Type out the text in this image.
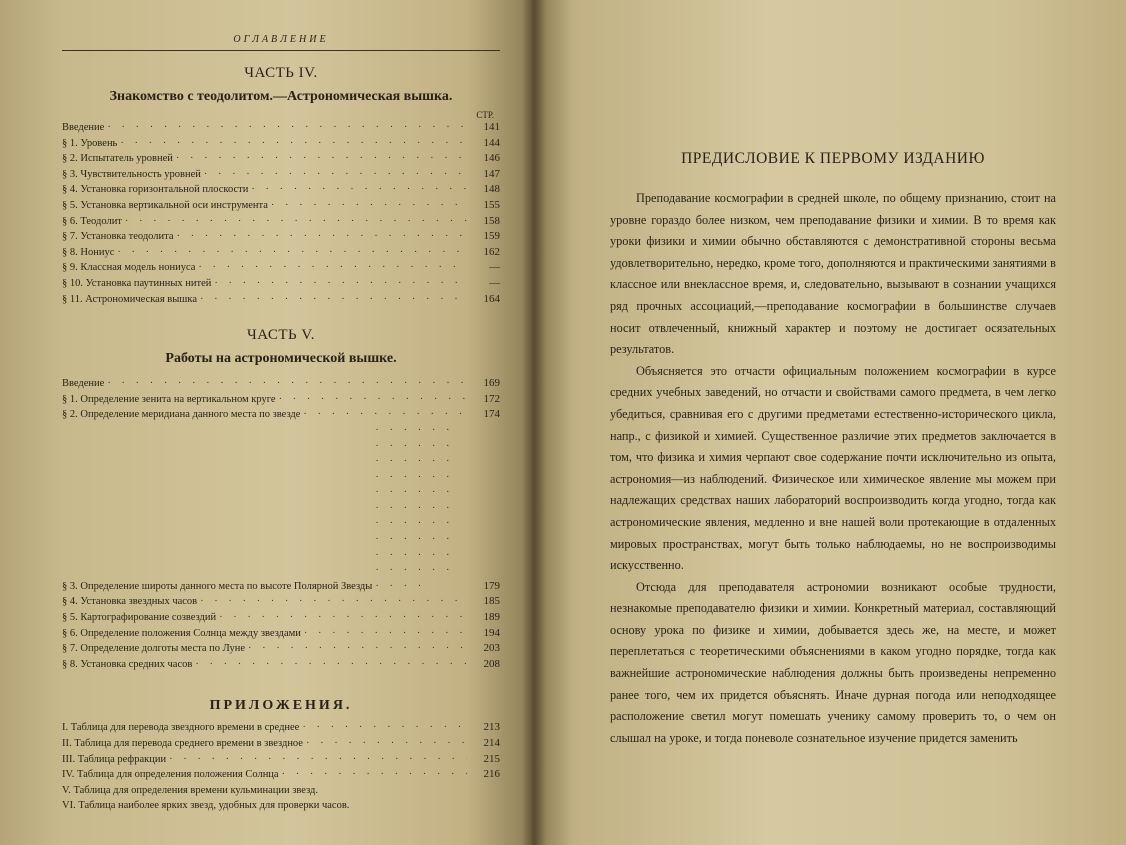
ОГЛАВЛЕНИЕ
ЧАСТЬ IV.
Знакомство с теодолитом.—Астрономическая вышка.
СТР.
Введение · · ·	141
§ 1. Уровень · · ·	144
§ 2. Испытатель уровней · · ·	146
§ 3. Чувствительность уровней · · ·	147
§ 4. Установка горизонтальной плоскости · · ·	148
§ 5. Установка вертикальной оси инструмента · · ·	155
§ 6. Теодолит · · ·	158
§ 7. Установка теодолита · · ·	159
§ 8. Нониус · · ·	162
§ 9. Классная модель нониуса · · ·	—
§ 10. Установка паутинных нитей · · ·	—
§ 11. Астрономическая вышка · · ·	164
ЧАСТЬ V.
Работы на астрономической вышке.
Введение · · ·	169
§ 1. Определение зенита на вертикальном круге · · ·	172
§ 2. Определение меридиана данного места по звезде · · ·	174
§ 3. Определение широты данного места по высоте Полярной Звезды · · ·	179
§ 4. Установка звездных часов · · ·	185
§ 5. Картографирование созвездий · · ·	189
§ 6. Определение положения Солнца между звездами · · ·	194
§ 7. Определение долготы места по Луне · · ·	203
§ 8. Установка средних часов · · ·	208
ПРИЛОЖЕНИЯ.
I. Таблица для перевода звездного времени в среднее · · ·	213
II. Таблица для перевода среднего времени в звездное · · ·	214
III. Таблица рефракции · · ·	215
IV. Таблица для определения положения Солнца · · ·	216
V. Таблица для определения времени кульминации звезд.
VI. Таблица наиболее ярких звезд, удобных для проверки часов.
ПРЕДИСЛОВИЕ К ПЕРВОМУ ИЗДАНИЮ

Преподавание космографии в средней школе, по общему признанию, стоит на уровне гораздо более низком, чем преподавание физики и химии. В то время как уроки физики и химии обычно обставляются с демонстративной стороны весьма удовлетворительно, нередко, кроме того, дополняются и практическими занятиями в классное или внеклассное время, и, следовательно, вызывают в сознании учащихся ряд прочных ассоциаций,—преподавание космографии в большинстве случаев носит отвлеченный, книжный характер и поэтому не достигает осязательных результатов.

Объясняется это отчасти официальным положением космографии в курсе средних учебных заведений, но отчасти и свойствами самого предмета, в чем легко убедиться, сравнивая его с другими предметами естественно-исторического цикла, напр., с физикой и химией. Существенное различие этих предметов заключается в том, что физика и химия черпают свое содержание почти исключительно из опыта, астрономия—из наблюдений. Физическое или химическое явление мы можем при надлежащих средствах наших лабораторий воспроизводить когда угодно, тогда как астрономические явления, медленно и вне нашей воли протекающие в отдаленных мировых пространствах, могут быть только наблюдаемы, но не воспроизводимы искусственно.

Отсюда для преподавателя астрономии возникают особые трудности, незнакомые преподавателю физики и химии. Конкретный материал, составляющий основу урока по физике и химии, добывается здесь же, на месте, и может переплетаться с теоретическими объяснениями в каком угодно порядке, тогда как важнейшие астрономические наблюдения должны быть произведены непременно ранее того, чем их придется объяснять. Иначе дурная погода или неподходящее расположение светил могут помешать ученику самому проверить то, о чем он слышал на уроке, и тогда поневоле сознательное изучение придется заменить
